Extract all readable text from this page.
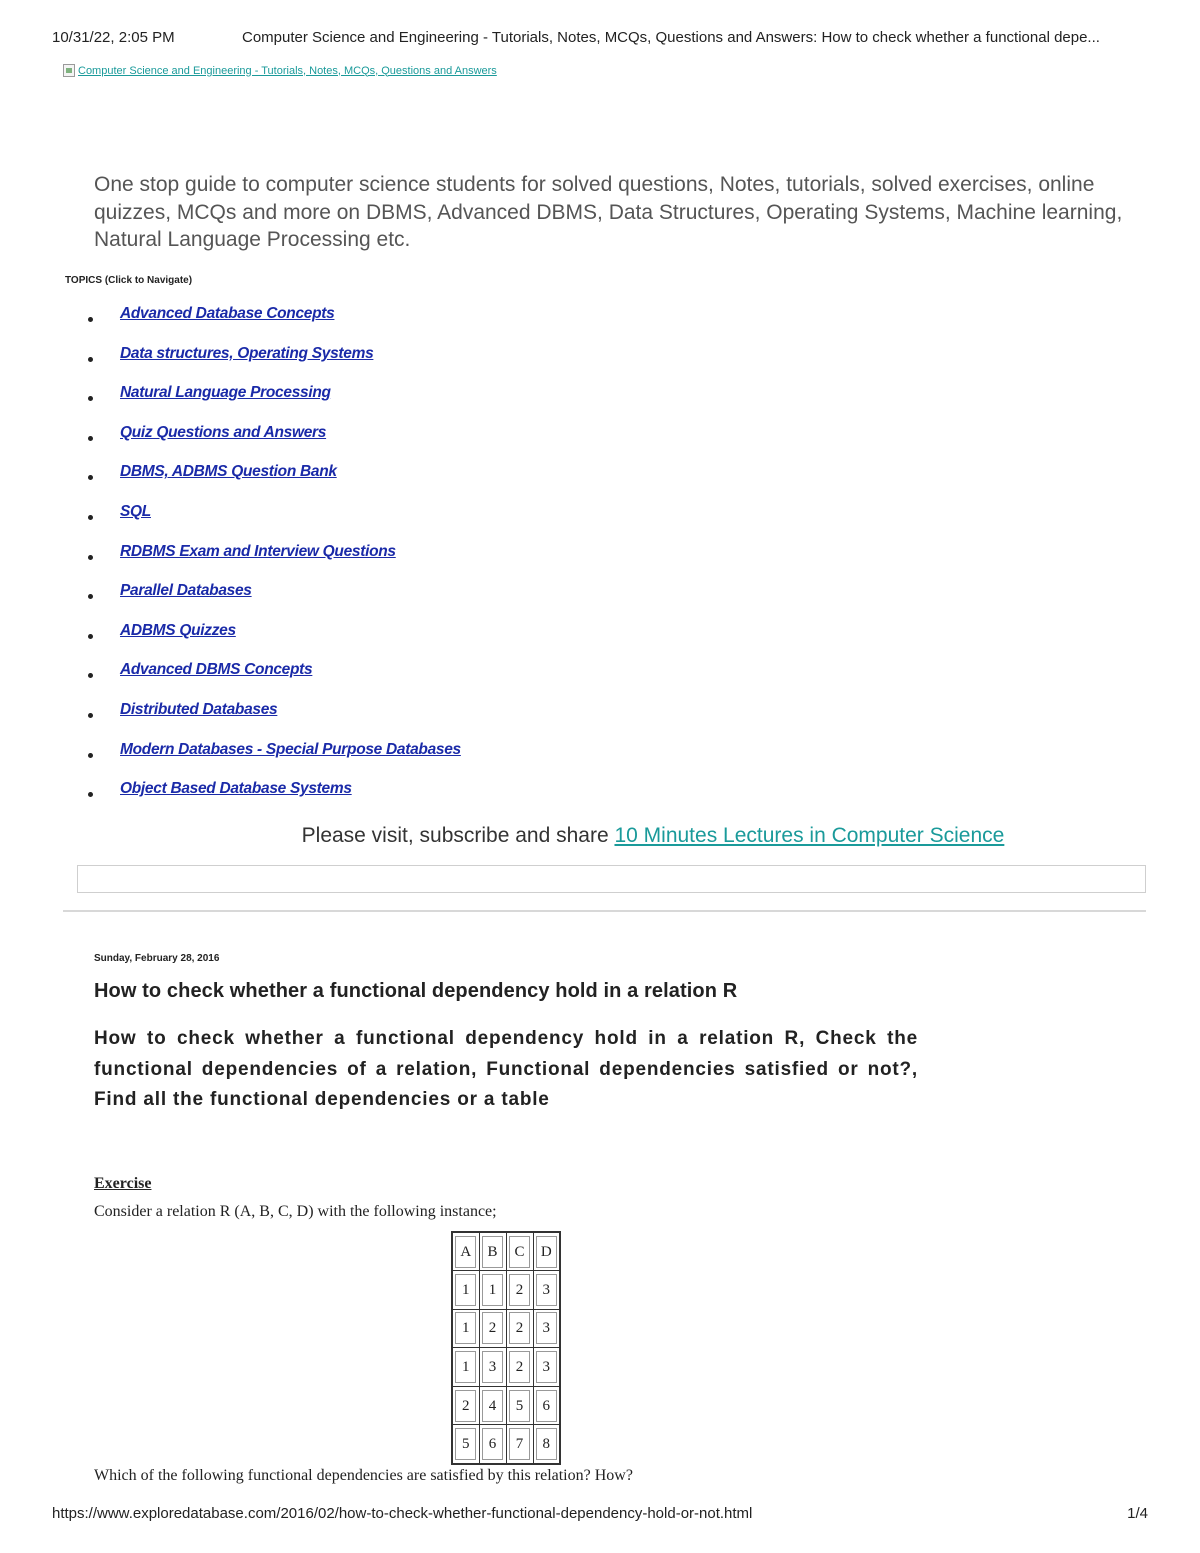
10/31/22, 2:05 PM	Computer Science and Engineering - Tutorials, Notes, MCQs, Questions and Answers: How to check whether a functional depe...
Computer Science and Engineering - Tutorials, Notes, MCQs, Questions and Answers

One stop guide to computer science students for solved questions, Notes, tutorials, solved exercises, online quizzes, MCQs and more on DBMS, Advanced DBMS, Data Structures, Operating Systems, Machine learning, Natural Language Processing etc.

TOPICS (Click to Navigate)
Advanced Database Concepts
Data structures, Operating Systems
Natural Language Processing
Quiz Questions and Answers
DBMS, ADBMS Question Bank
SQL
RDBMS Exam and Interview Questions
Parallel Databases
ADBMS Quizzes
Advanced DBMS Concepts
Distributed Databases
Modern Databases - Special Purpose Databases
Object Based Database Systems
Please visit, subscribe and share 10 Minutes Lectures in Computer Science
Sunday, February 28, 2016
How to check whether a functional dependency hold in a relation R

How to check whether a functional dependency hold in a relation R, Check the functional dependencies of a relation, Functional dependencies satisfied or not?, Find all the functional dependencies or a table

Exercise
Consider a relation R (A, B, C, D) with the following instance;
A	B	C	D
1	1	2	3
1	2	2	3
1	3	2	3
2	4	5	6
5	6	7	8
Which of the following functional dependencies are satisfied by this relation? How?
https://www.exploredatabase.com/2016/02/how-to-check-whether-functional-dependency-hold-or-not.html	1/4
